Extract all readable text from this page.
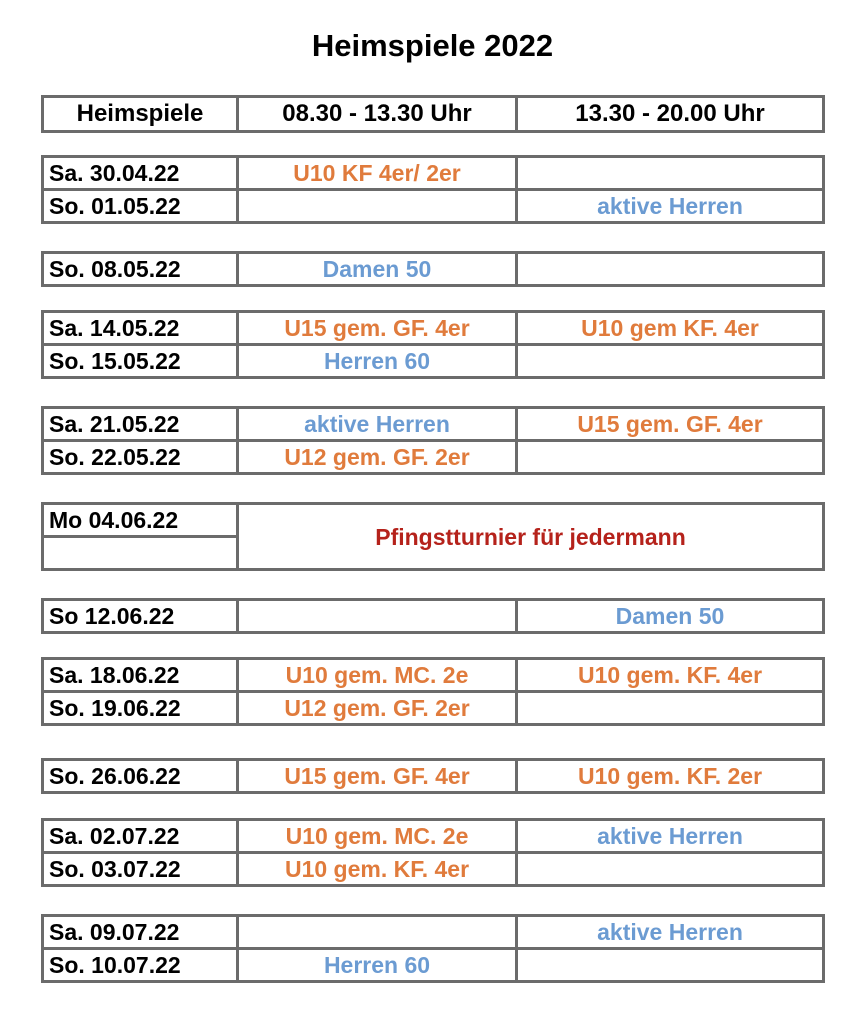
Heimspiele 2022
Heimspiele	08.30 - 13.30 Uhr	13.30 - 20.00 Uhr
Sa. 30.04.22	U10 KF 4er/ 2er	
So. 01.05.22		aktive Herren
So. 08.05.22	Damen 50	
Sa. 14.05.22	U15 gem. GF. 4er	U10 gem KF. 4er
So. 15.05.22	Herren 60	
Sa. 21.05.22	aktive Herren	U15 gem. GF. 4er
So. 22.05.22	U12 gem. GF. 2er	
Mo 04.06.22	Pfingstturnier für jedermann

So 12.06.22		Damen 50
Sa. 18.06.22	U10 gem. MC. 2e	U10 gem. KF. 4er
So. 19.06.22	U12 gem. GF. 2er	
So. 26.06.22	U15 gem. GF. 4er	U10 gem. KF. 2er
Sa. 02.07.22	U10 gem. MC. 2e	aktive Herren
So. 03.07.22	U10 gem. KF. 4er	
Sa. 09.07.22		aktive Herren
So. 10.07.22	Herren 60	
